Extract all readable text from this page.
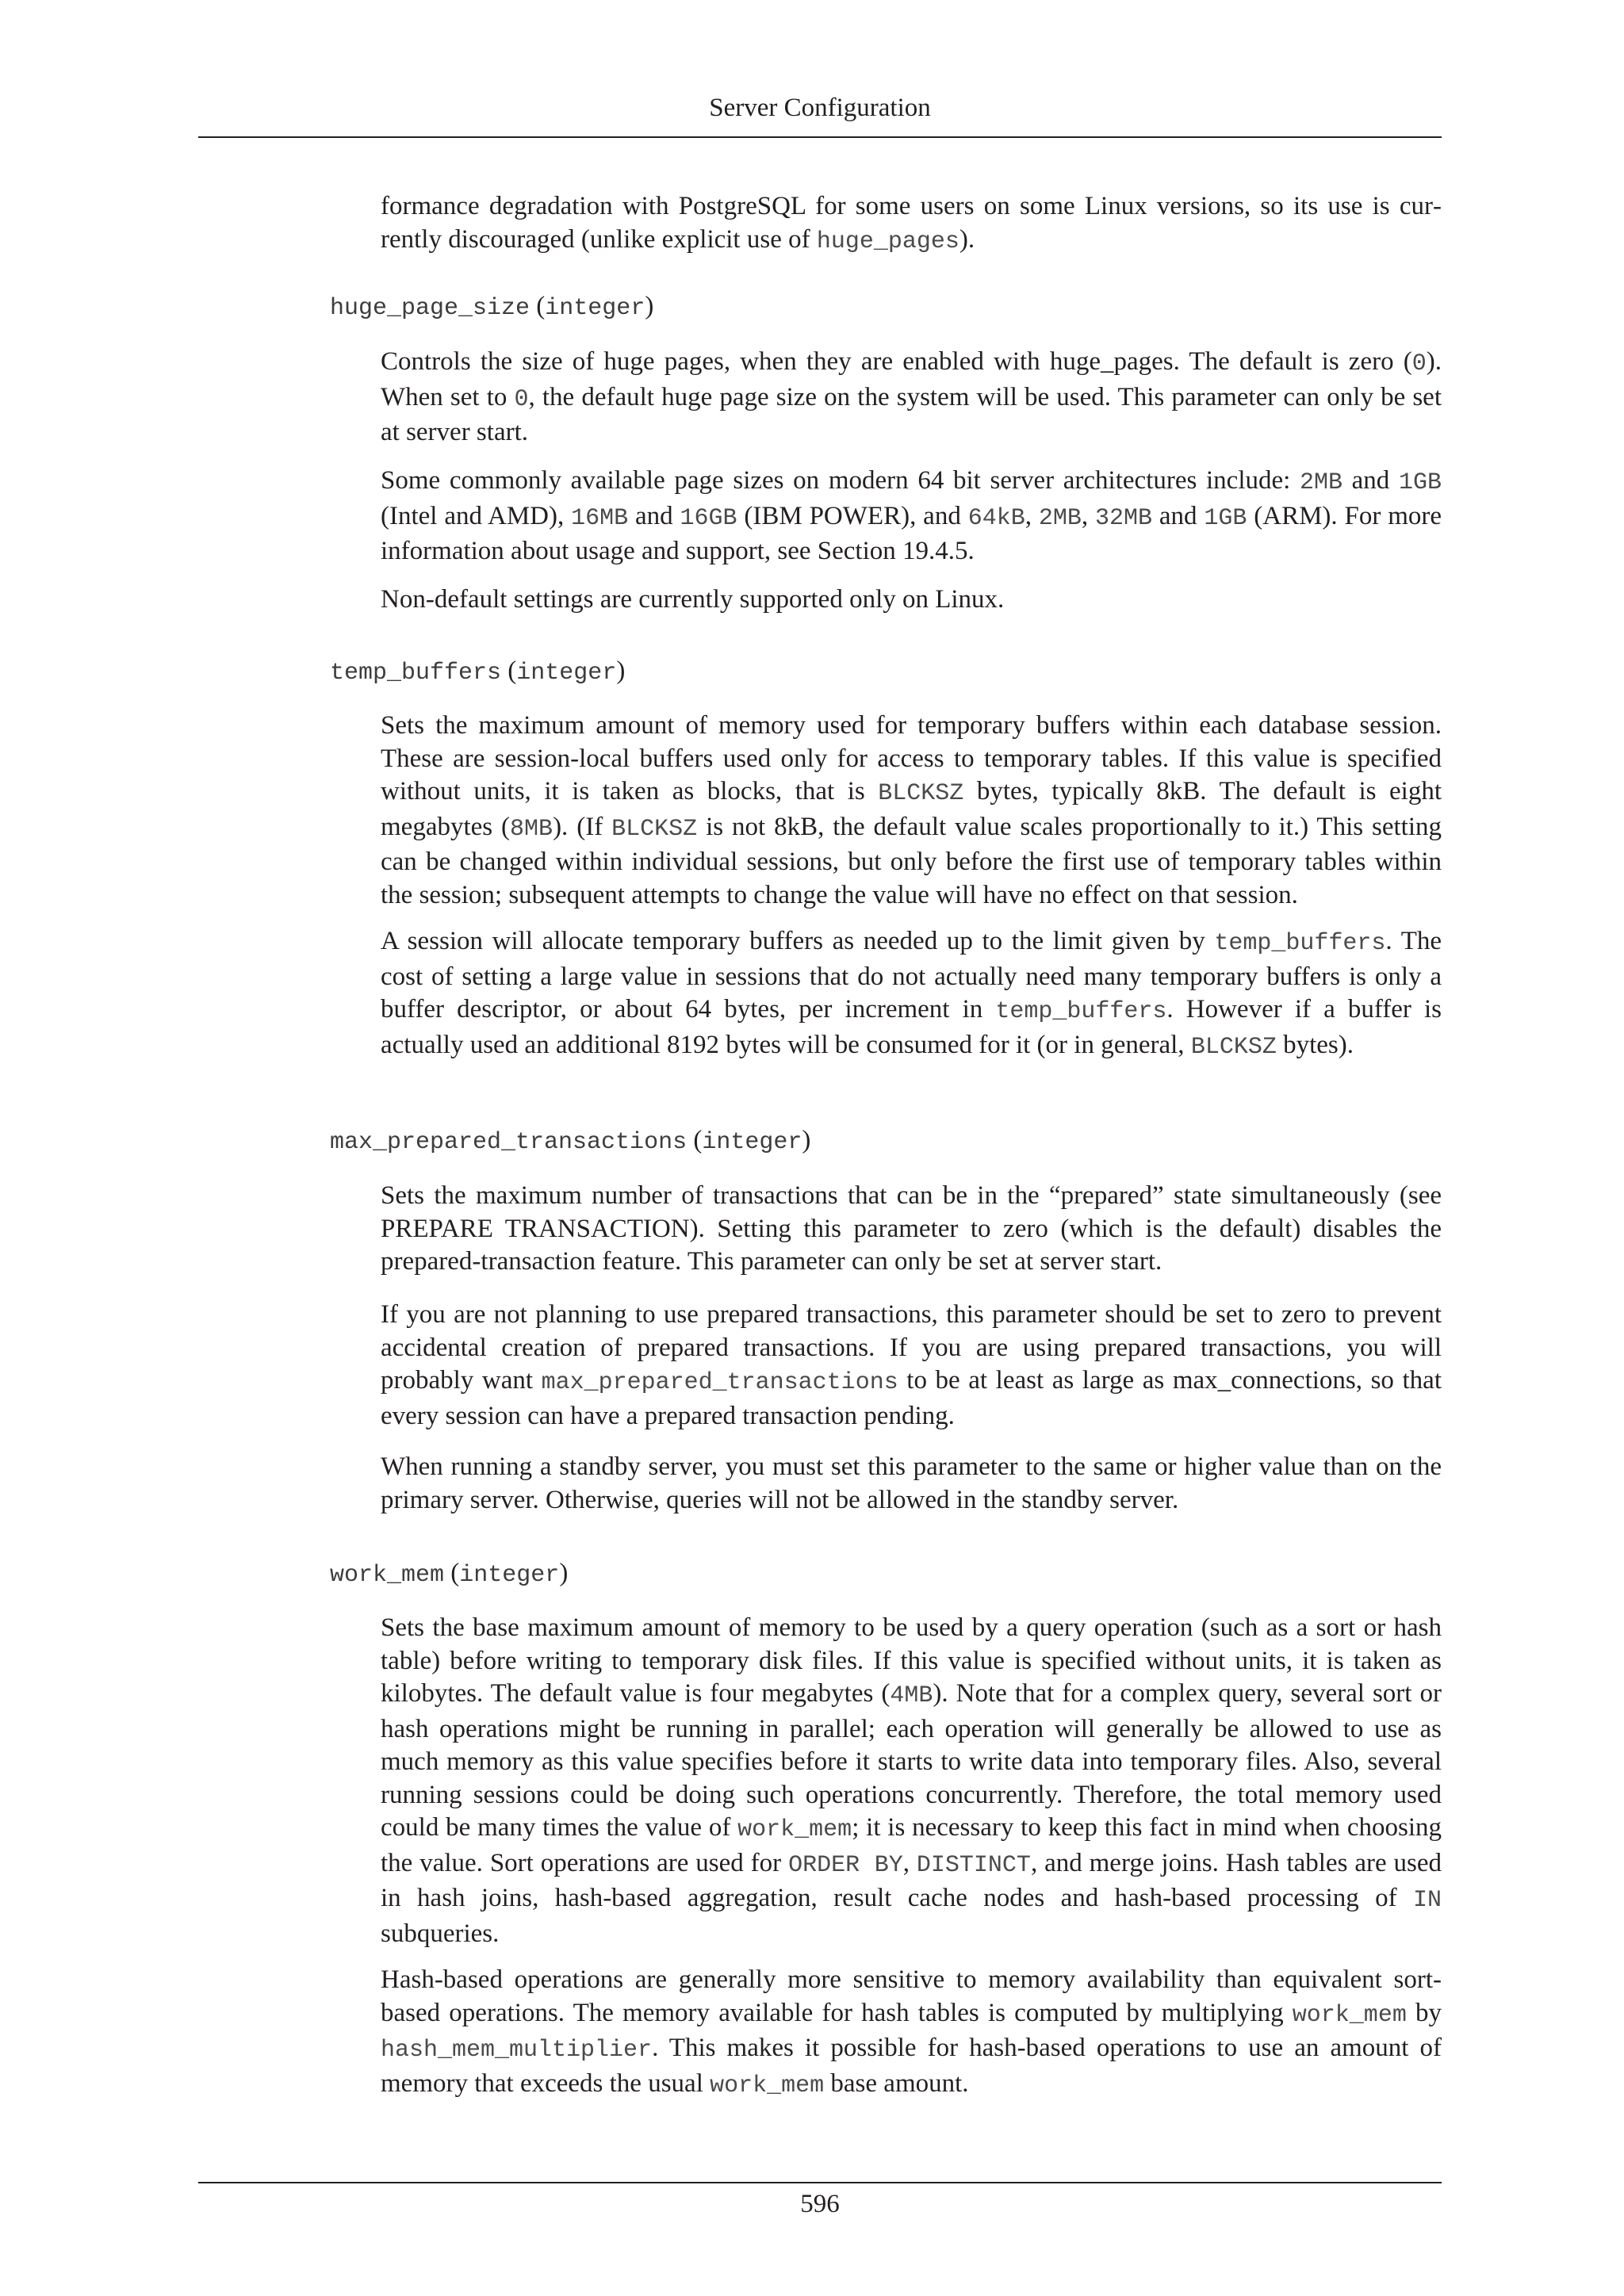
Server Configuration

formance degradation with PostgreSQL for some users on some Linux versions, so its use is currently discouraged (unlike explicit use of huge_pages).

huge_page_size (integer)

Controls the size of huge pages, when they are enabled with huge_pages. The default is zero (0). When set to 0, the default huge page size on the system will be used. This parameter can only be set at server start.

Some commonly available page sizes on modern 64 bit server architectures include: 2MB and 1GB (Intel and AMD), 16MB and 16GB (IBM POWER), and 64kB, 2MB, 32MB and 1GB (ARM). For more information about usage and support, see Section 19.4.5.

Non-default settings are currently supported only on Linux.

temp_buffers (integer)

Sets the maximum amount of memory used for temporary buffers within each database session. These are session-local buffers used only for access to temporary tables. If this value is specified without units, it is taken as blocks, that is BLCKSZ bytes, typically 8kB. The default is eight megabytes (8MB). (If BLCKSZ is not 8kB, the default value scales proportionally to it.) This setting can be changed within individual sessions, but only before the first use of temporary tables within the session; subsequent attempts to change the value will have no effect on that session.

A session will allocate temporary buffers as needed up to the limit given by temp_buffers. The cost of setting a large value in sessions that do not actually need many temporary buffers is only a buffer descriptor, or about 64 bytes, per increment in temp_buffers. However if a buffer is actually used an additional 8192 bytes will be consumed for it (or in general, BLCKSZ bytes).

max_prepared_transactions (integer)

Sets the maximum number of transactions that can be in the “prepared” state simultaneously (see PREPARE TRANSACTION). Setting this parameter to zero (which is the default) disables the prepared-transaction feature. This parameter can only be set at server start.

If you are not planning to use prepared transactions, this parameter should be set to zero to prevent accidental creation of prepared transactions. If you are using prepared transactions, you will probably want max_prepared_transactions to be at least as large as max_connections, so that every session can have a prepared transaction pending.

When running a standby server, you must set this parameter to the same or higher value than on the primary server. Otherwise, queries will not be allowed in the standby server.

work_mem (integer)

Sets the base maximum amount of memory to be used by a query operation (such as a sort or hash table) before writing to temporary disk files. If this value is specified without units, it is taken as kilobytes. The default value is four megabytes (4MB). Note that for a complex query, several sort or hash operations might be running in parallel; each operation will generally be allowed to use as much memory as this value specifies before it starts to write data into temporary files. Also, several running sessions could be doing such operations concurrently. Therefore, the total memory used could be many times the value of work_mem; it is necessary to keep this fact in mind when choosing the value. Sort operations are used for ORDER BY, DISTINCT, and merge joins. Hash tables are used in hash joins, hash-based aggregation, result cache nodes and hash-based processing of IN subqueries.

Hash-based operations are generally more sensitive to memory availability than equivalent sort-based operations. The memory available for hash tables is computed by multiplying work_mem by hash_mem_multiplier. This makes it possible for hash-based operations to use an amount of memory that exceeds the usual work_mem base amount.

596
